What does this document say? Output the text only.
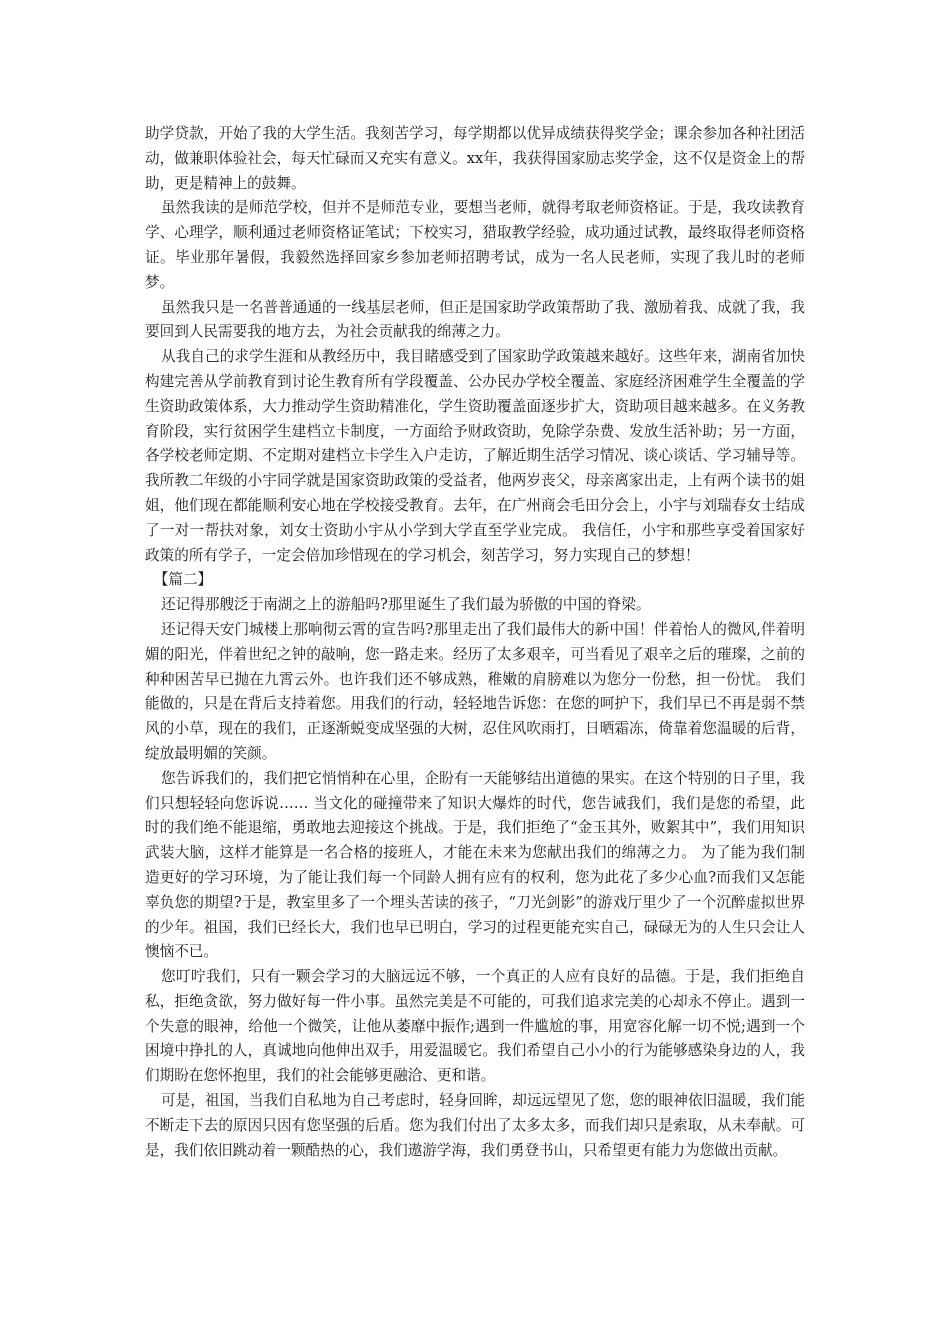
助学贷款，开始了我的大学生活。我刻苦学习，每学期都以优异成绩获得奖学金；课余参加各种社团活动，做兼职体验社会，每天忙碌而又充实有意义。xx年，我获得国家励志奖学金，这不仅是资金上的帮助，更是精神上的鼓舞。

虽然我读的是师范学校，但并不是师范专业，要想当老师，就得考取老师资格证。于是，我攻读教育学、心理学，顺利通过老师资格证笔试；下校实习，猎取教学经验，成功通过试教，最终取得老师资格证。毕业那年暑假，我毅然选择回家乡参加老师招聘考试，成为一名人民老师，实现了我儿时的老师梦。

虽然我只是一名普普通通的一线基层老师，但正是国家助学政策帮助了我、激励着我、成就了我，我要回到人民需要我的地方去，为社会贡献我的绵薄之力。

从我自己的求学生涯和从教经历中，我目睹感受到了国家助学政策越来越好。这些年来，湖南省加快构建完善从学前教育到讨论生教育所有学段覆盖、公办民办学校全覆盖、家庭经济困难学生全覆盖的学生资助政策体系，大力推动学生资助精准化，学生资助覆盖面逐步扩大，资助项目越来越多。在义务教育阶段，实行贫困学生建档立卡制度，一方面给予财政资助，免除学杂费、发放生活补助；另一方面，各学校老师定期、不定期对建档立卡学生入户走访，了解近期生活学习情况、谈心谈话、学习辅导等。 我所教二年级的小宇同学就是国家资助政策的受益者，他两岁丧父，母亲离家出走，上有两个读书的姐姐，他们现在都能顺利安心地在学校接受教育。去年，在广州商会毛田分会上，小宇与刘瑞春女士结成了一对一帮扶对象，刘女士资助小宇从小学到大学直至学业完成。 我信任，小宇和那些享受着国家好政策的所有学子，一定会倍加珍惜现在的学习机会，刻苦学习，努力实现自己的梦想！

【篇二】

还记得那艘泛于南湖之上的游船吗?那里诞生了我们最为骄傲的中国的脊梁。

还记得天安门城楼上那响彻云霄的宣告吗?那里走出了我们最伟大的新中国！伴着怡人的微风,伴着明媚的阳光，伴着世纪之钟的敲响，您一路走来。经历了太多艰辛，可当看见了艰辛之后的璀璨，之前的种种困苦早已抛在九霄云外。也许我们还不够成熟，稚嫩的肩膀难以为您分一份愁，担一份忧。 我们能做的，只是在背后支持着您。用我们的行动，轻轻地告诉您：在您的呵护下，我们早已不再是弱不禁风的小草，现在的我们，正逐渐蜕变成坚强的大树，忍住风吹雨打，日晒霜冻，倚靠着您温暖的后背，绽放最明媚的笑颜。

您告诉我们的，我们把它悄悄种在心里，企盼有一天能够结出道德的果实。在这个特别的日子里，我们只想轻轻向您诉说…… 当文化的碰撞带来了知识大爆炸的时代，您告诫我们，我们是您的希望，此时的我们绝不能退缩，勇敢地去迎接这个挑战。于是，我们拒绝了“金玉其外，败絮其中”，我们用知识武装大脑，这样才能算是一名合格的接班人，才能在未来为您献出我们的绵薄之力。 为了能为我们制造更好的学习环境，为了能让我们每一个同龄人拥有应有的权利，您为此花了多少心血?而我们又怎能辜负您的期望?于是，教室里多了一个埋头苦读的孩子，“刀光剑影”的游戏厅里少了一个沉醉虚拟世界的少年。祖国，我们已经长大，我们也早已明白，学习的过程更能充实自己，碌碌无为的人生只会让人懊恼不已。

您叮咛我们，只有一颗会学习的大脑远远不够，一个真正的人应有良好的品德。于是，我们拒绝自私，拒绝贪欲，努力做好每一件小事。虽然完美是不可能的，可我们追求完美的心却永不停止。遇到一个失意的眼神，给他一个微笑，让他从萎靡中振作;遇到一件尴尬的事，用宽容化解一切不悦;遇到一个困境中挣扎的人，真诚地向他伸出双手，用爱温暖它。我们希望自己小小的行为能够感染身边的人，我们期盼在您怀抱里，我们的社会能够更融洽、更和谐。

可是，祖国，当我们自私地为自己考虑时，轻身回眸，却远远望见了您，您的眼神依旧温暖，我们能不断走下去的原因只因有您坚强的后盾。您为我们付出了太多太多，而我们却只是索取，从未奉献。可是，我们依旧跳动着一颗酷热的心，我们遨游学海，我们勇登书山，只希望更有能力为您做出贡献。
